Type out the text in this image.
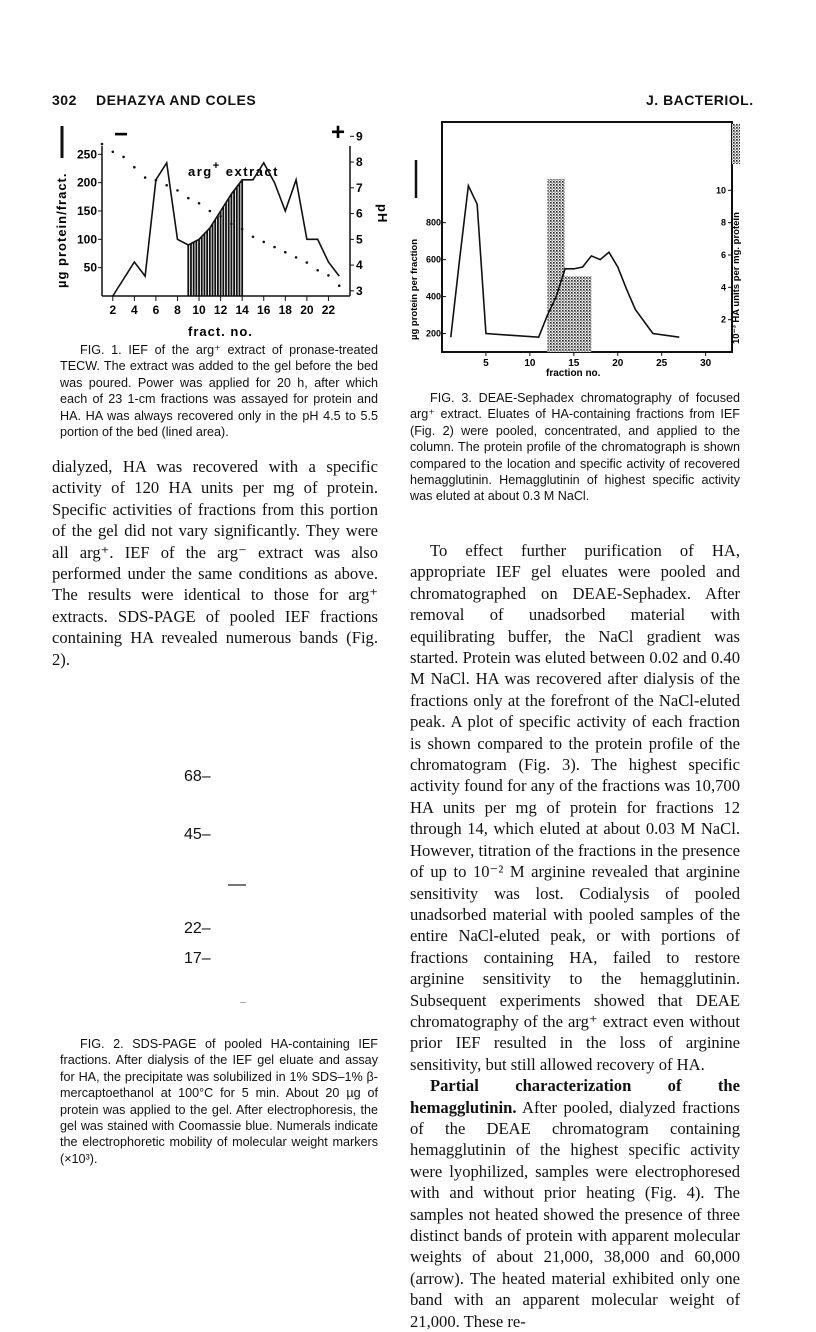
302 DEHAZYA AND COLES	J. BACTERIOL.
−	+
arg+ extract
µg protein/fract.	pH
2 4 6 8 10 12 14 16 18 20 22
50
100
150
200
250
3
4
5
6
7
8
9
fract. no.

FIG. 1. IEF of the arg⁺ extract of pronase-treated TECW. The extract was added to the gel before the bed was poured. Power was applied for 20 h, after which each of 23 1-cm fractions was assayed for protein and HA. HA was always recovered only in the pH 4.5 to 5.5 portion of the bed (lined area).

dialyzed, HA was recovered with a specific activity of 120 HA units per mg of protein. Specific activities of fractions from this portion of the gel did not vary significantly. They were all arg⁺. IEF of the arg⁻ extract was also performed under the same conditions as above. The results were identical to those for arg⁺ extracts. SDS-PAGE of pooled IEF fractions containing HA revealed numerous bands (Fig. 2).

68–
45–
22–
17–

FIG. 2. SDS-PAGE of pooled HA-containing IEF fractions. After dialysis of the IEF gel eluate and assay for HA, the precipitate was solubilized in 1% SDS–1% β-mercaptoethanol at 100°C for 5 min. About 20 µg of protein was applied to the gel. After electrophoresis, the gel was stained with Coomassie blue. Numerals indicate the electrophoretic mobility of molecular weight markers (×10³).

µg protein per fraction	10⁻³ HA units per mg. protein
5	10	15	20	25	30
200
400
600
800
2
4
6
8
10
fraction no.

FIG. 3. DEAE-Sephadex chromatography of focused arg⁺ extract. Eluates of HA-containing fractions from IEF (Fig. 2) were pooled, concentrated, and applied to the column. The protein profile of the chromatograph is shown compared to the location and specific activity of recovered hemagglutinin. Hemagglutinin of highest specific activity was eluted at about 0.3 M NaCl.

To effect further purification of HA, appropriate IEF gel eluates were pooled and chromatographed on DEAE-Sephadex. After removal of unadsorbed material with equilibrating buffer, the NaCl gradient was started. Protein was eluted between 0.02 and 0.40 M NaCl. HA was recovered after dialysis of the fractions only at the forefront of the NaCl-eluted peak. A plot of specific activity of each fraction is shown compared to the protein profile of the chromatogram (Fig. 3). The highest specific activity found for any of the fractions was 10,700 HA units per mg of protein for fractions 12 through 14, which eluted at about 0.03 M NaCl. However, titration of the fractions in the presence of up to 10⁻² M arginine revealed that arginine sensitivity was lost. Codialysis of pooled unadsorbed material with pooled samples of the entire NaCl-eluted peak, or with portions of fractions containing HA, failed to restore arginine sensitivity to the hemagglutinin. Subsequent experiments showed that DEAE chromatography of the arg⁺ extract even without prior IEF resulted in the loss of arginine sensitivity, but still allowed recovery of HA.

Partial characterization of the hemagglutinin. After pooled, dialyzed fractions of the DEAE chromatogram containing hemagglutinin of the highest specific activity were lyophilized, samples were electrophoresed with and without prior heating (Fig. 4). The samples not heated showed the presence of three distinct bands of protein with apparent molecular weights of about 21,000, 38,000 and 60,000 (arrow). The heated material exhibited only one band with an apparent molecular weight of 21,000. These re-
